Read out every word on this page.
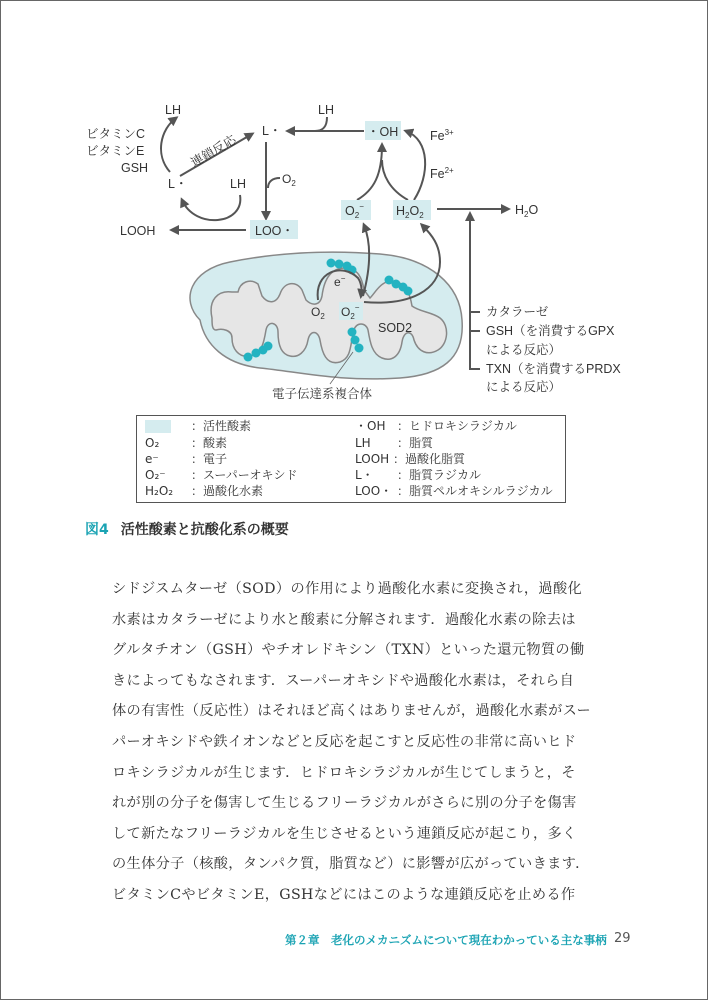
e−
$O_2$ $O_2^-$
SOD2
電子伝達系複合体
LH
ビタミンC
ビタミンE
GSH
L・
連鎖反応
L・
LH	$O_2$
LOO・
LOOH
LH
・OH	$Fe^{3+}$
$Fe^{2+}$
$O_2^-$	$H_2O_2$	$H_2O$
カタラーゼ
GSH（を消費するGPX
による反応）
TXN（を消費するPRDX
による反応）
：活性酸素
O₂	：酸素
e⁻	：電子
O₂⁻ ：スーパーオキシド
H₂O₂ ：過酸化水素
・OH ：ヒドロキシラジカル
LH ：脂質
LOOH ：過酸化脂質
L・ ：脂質ラジカル
LOO・ ：脂質ペルオキシルラジカル
図4 活性酸素と抗酸化系の概要
シドジスムターゼ（SOD）の作用により過酸化水素に変換され，過酸化
水素はカタラーゼにより水と酸素に分解されます．過酸化水素の除去は
グルタチオン（GSH）やチオレドキシン（TXN）といった還元物質の働
きによってもなされます．スーパーオキシドや過酸化水素は，それら自
体の有害性（反応性）はそれほど高くはありませんが，過酸化水素がスー
パーオキシドや鉄イオンなどと反応を起こすと反応性の非常に高いヒド
ロキシラジカルが生じます．ヒドロキシラジカルが生じてしまうと，そ
れが別の分子を傷害して生じるフリーラジカルがさらに別の分子を傷害
して新たなフリーラジカルを生じさせるという連鎖反応が起こり，多く
の生体分子（核酸，タンパク質，脂質など）に影響が広がっていきます．
ビタミンCやビタミンE，GSHなどにはこのような連鎖反応を止める作
第２章　老化のメカニズムについて現在わかっている主な事柄 29
